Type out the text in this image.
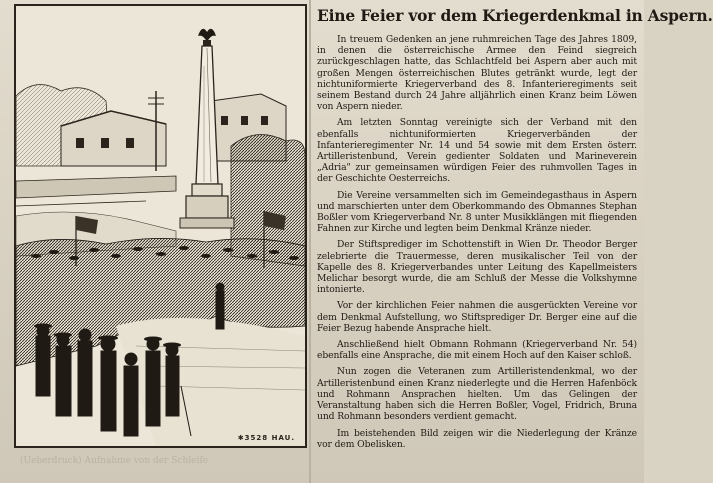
✱3528 HAU.
(Ueberdruck) Aufnahme von der Schleife
Eine Feier vor dem Kriegerdenkmal in Aspern.

In treuem Gedenken an jene ruhmreichen Tage des Jahres 1809, in denen die österreichische Armee den Feind siegreich zurückgeschlagen hatte, das Schlachtfeld bei Aspern aber auch mit großen Mengen österreichischen Blutes getränkt wurde, legt der nichtuniformierte Kriegerverband des 8. Infanterieregiments seit seinem Bestand durch 24 Jahre alljährlich einen Kranz beim Löwen von Aspern nieder.

Am letzten Sonntag vereinigte sich der Verband mit den ebenfalls nichtuniformierten Kriegerverbänden der Infanterieregimenter Nr. 14 und 54 sowie mit dem Ersten österr. Artilleristenbund, Verein gedienter Soldaten und Marineverein „Adria" zur gemeinsamen würdigen Feier des ruhmvollen Tages in der Geschichte Oesterreichs.

Die Vereine versammelten sich im Gemeindegasthaus in Aspern und marschierten unter dem Oberkommando des Obmannes Stephan Boßler vom Kriegerverband Nr. 8 unter Musikklängen mit fliegenden Fahnen zur Kirche und legten beim Denkmal Kränze nieder.

Der Stiftsprediger im Schottenstift in Wien Dr. Theodor Berger zelebrierte die Trauermesse, deren musikalischer Teil von der Kapelle des 8. Kriegerverbandes unter Leitung des Kapellmeisters Melichar besorgt wurde, die am Schluß der Messe die Volkshymne intonierte.

Vor der kirchlichen Feier nahmen die ausgerückten Vereine vor dem Denkmal Aufstellung, wo Stiftsprediger Dr. Berger eine auf die Feier Bezug habende Ansprache hielt.

Anschließend hielt Obmann Rohmann (Kriegerverband Nr. 54) ebenfalls eine Ansprache, die mit einem Hoch auf den Kaiser schloß.

Nun zogen die Veteranen zum Artilleristendenkmal, wo der Artilleristenbund einen Kranz niederlegte und die Herren Hafenböck und Rohmann Ansprachen hielten. Um das Gelingen der Veranstaltung haben sich die Herren Boßler, Vogel, Fridrich, Bruna und Rohmann besonders verdient gemacht.

Im beistehenden Bild zeigen wir die Niederlegung der Kränze vor dem Obelisken.
